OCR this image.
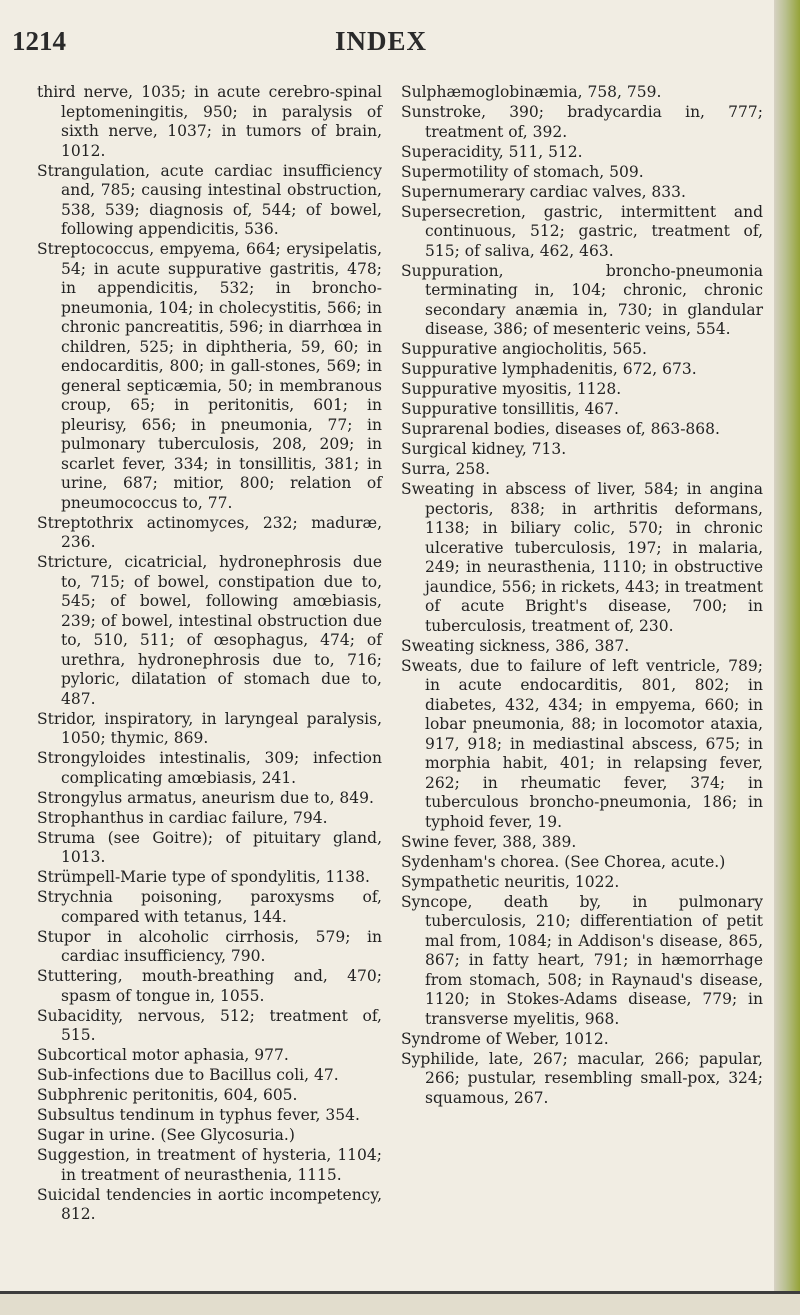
1214	INDEX

third nerve, 1035; in acute cerebro-spinal leptomeningitis, 950; in paralysis of sixth nerve, 1037; in tumors of brain, 1012.

Strangulation, acute cardiac insufficiency and, 785; causing intestinal obstruction, 538, 539; diagnosis of, 544; of bowel, following appendicitis, 536.

Streptococcus, empyema, 664; erysipelatis, 54; in acute suppurative gastritis, 478; in appendicitis, 532; in broncho-pneumonia, 104; in cholecystitis, 566; in chronic pancreatitis, 596; in diarrhœa in children, 525; in diphtheria, 59, 60; in endocarditis, 800; in gall-stones, 569; in general septicæmia, 50; in membranous croup, 65; in peritonitis, 601; in pleurisy, 656; in pneumonia, 77; in pulmonary tuberculosis, 208, 209; in scarlet fever, 334; in tonsillitis, 381; in urine, 687; mitior, 800; relation of pneumococcus to, 77.

Streptothrix actinomyces, 232; maduræ, 236.

Stricture, cicatricial, hydronephrosis due to, 715; of bowel, constipation due to, 545; of bowel, following amœbiasis, 239; of bowel, intestinal obstruction due to, 510, 511; of œsophagus, 474; of urethra, hydronephrosis due to, 716; pyloric, dilatation of stomach due to, 487.

Stridor, inspiratory, in laryngeal paralysis, 1050; thymic, 869.

Strongyloides intestinalis, 309; infection complicating amœbiasis, 241.

Strongylus armatus, aneurism due to, 849.

Strophanthus in cardiac failure, 794.

Struma (see Goitre); of pituitary gland, 1013.

Strümpell-Marie type of spondylitis, 1138.

Strychnia poisoning, paroxysms of, compared with tetanus, 144.

Stupor in alcoholic cirrhosis, 579; in cardiac insufficiency, 790.

Stuttering, mouth-breathing and, 470; spasm of tongue in, 1055.

Subacidity, nervous, 512; treatment of, 515.

Subcortical motor aphasia, 977.

Sub-infections due to Bacillus coli, 47.

Subphrenic peritonitis, 604, 605.

Subsultus tendinum in typhus fever, 354.

Sugar in urine. (See Glycosuria.)

Suggestion, in treatment of hysteria, 1104; in treatment of neurasthenia, 1115.

Suicidal tendencies in aortic incompetency, 812.

Sulphæmoglobinæmia, 758, 759.

Sunstroke, 390; bradycardia in, 777; treatment of, 392.

Superacidity, 511, 512.

Supermotility of stomach, 509.

Supernumerary cardiac valves, 833.

Supersecretion, gastric, intermittent and continuous, 512; gastric, treatment of, 515; of saliva, 462, 463.

Suppuration, broncho-pneumonia terminating in, 104; chronic, chronic secondary anæmia in, 730; in glandular disease, 386; of mesenteric veins, 554.

Suppurative angiocholitis, 565.

Suppurative lymphadenitis, 672, 673.

Suppurative myositis, 1128.

Suppurative tonsillitis, 467.

Suprarenal bodies, diseases of, 863-868.

Surgical kidney, 713.

Surra, 258.

Sweating in abscess of liver, 584; in angina pectoris, 838; in arthritis deformans, 1138; in biliary colic, 570; in chronic ulcerative tuberculosis, 197; in malaria, 249; in neurasthenia, 1110; in obstructive jaundice, 556; in rickets, 443; in treatment of acute Bright's disease, 700; in tuberculosis, treatment of, 230.

Sweating sickness, 386, 387.

Sweats, due to failure of left ventricle, 789; in acute endocarditis, 801, 802; in diabetes, 432, 434; in empyema, 660; in lobar pneumonia, 88; in locomotor ataxia, 917, 918; in mediastinal abscess, 675; in morphia habit, 401; in relapsing fever, 262; in rheumatic fever, 374; in tuberculous broncho-pneumonia, 186; in typhoid fever, 19.

Swine fever, 388, 389.

Sydenham's chorea. (See Chorea, acute.)

Sympathetic neuritis, 1022.

Syncope, death by, in pulmonary tuberculosis, 210; differentiation of petit mal from, 1084; in Addison's disease, 865, 867; in fatty heart, 791; in hæmorrhage from stomach, 508; in Raynaud's disease, 1120; in Stokes-Adams disease, 779; in transverse myelitis, 968.

Syndrome of Weber, 1012.

Syphilide, late, 267; macular, 266; papular, 266; pustular, resembling small-pox, 324; squamous, 267.
